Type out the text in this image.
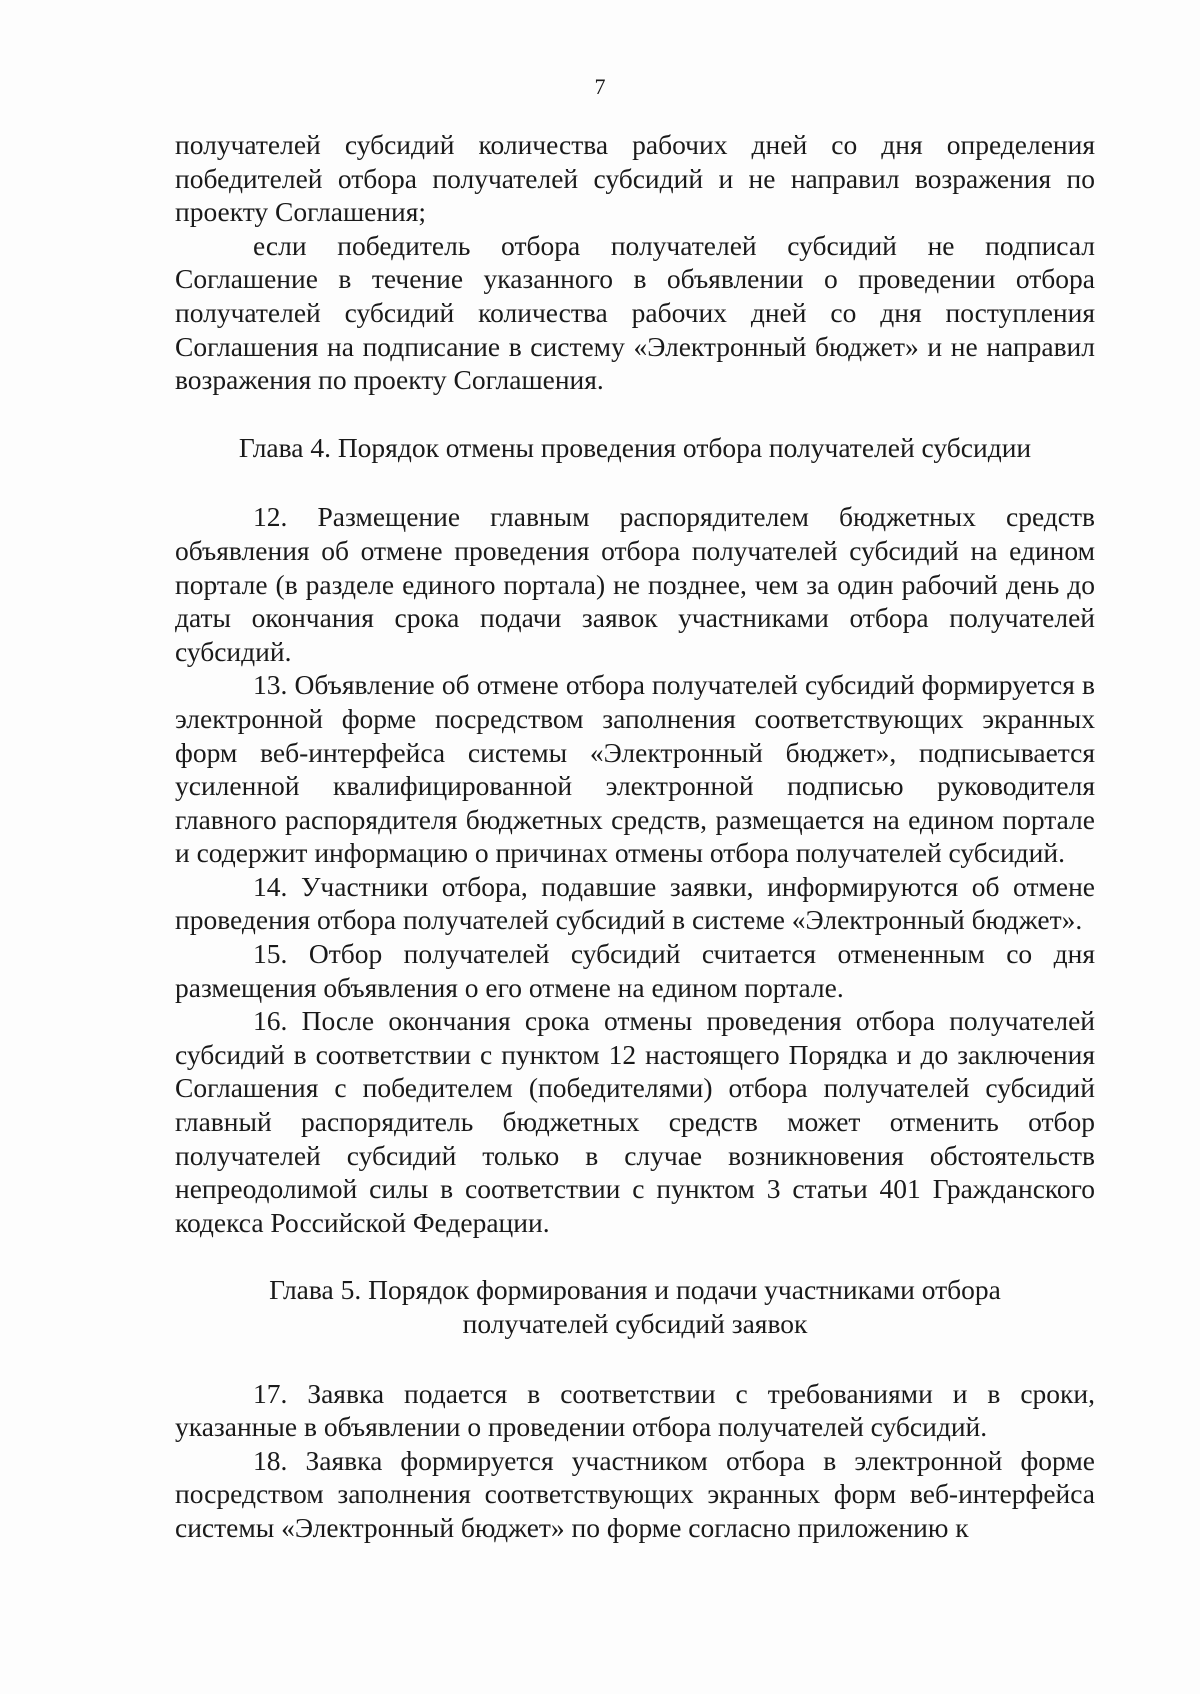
7

получателей субсидий количества рабочих дней со дня определения победителей отбора получателей субсидий и не направил возражения по проекту Соглашения;

если победитель отбора получателей субсидий не подписал Соглашение в течение указанного в объявлении о проведении отбора получателей субсидий количества рабочих дней со дня поступления Соглашения на подписание в систему «Электронный бюджет» и не направил возражения по проекту Соглашения.

Глава 4. Порядок отмены проведения отбора получателей субсидии

12. Размещение главным распорядителем бюджетных средств объявления об отмене проведения отбора получателей субсидий на едином портале (в разделе единого портала) не позднее, чем за один рабочий день до даты окончания срока подачи заявок участниками отбора получателей субсидий.

13. Объявление об отмене отбора получателей субсидий формируется в электронной форме посредством заполнения соответствующих экранных форм веб-интерфейса системы «Электронный бюджет», подписывается усиленной квалифицированной электронной подписью руководителя главного распорядителя бюджетных средств, размещается на едином портале и содержит информацию о причинах отмены отбора получателей субсидий.

14. Участники отбора, подавшие заявки, информируются об отмене проведения отбора получателей субсидий в системе «Электронный бюджет».

15. Отбор получателей субсидий считается отмененным со дня размещения объявления о его отмене на едином портале.

16. После окончания срока отмены проведения отбора получателей субсидий в соответствии с пунктом 12 настоящего Порядка и до заключения Соглашения с победителем (победителями) отбора получателей субсидий главный распорядитель бюджетных средств может отменить отбор получателей субсидий только в случае возникновения обстоятельств непреодолимой силы в соответствии с пунктом 3 статьи 401 Гражданского кодекса Российской Федерации.

Глава 5. Порядок формирования и подачи участниками отбора
получателей субсидий заявок

17. Заявка подается в соответствии с требованиями и в сроки, указанные в объявлении о проведении отбора получателей субсидий.

18. Заявка формируется участником отбора в электронной форме посредством заполнения соответствующих экранных форм веб-интерфейса системы «Электронный бюджет» по форме согласно приложению к
